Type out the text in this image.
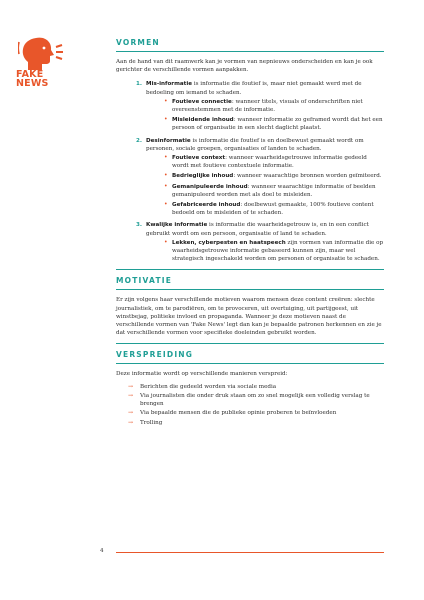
FAKE NEWS
VORMEN

Aan de hand van dit raamwerk kan je vormen van nepnieuws onderscheiden en kan je ook gerichter de verschillende vormen aanpakken.

1. Mis-informatie is informatie die foutief is, maar niet gemaakt werd met de bedoeling om iemand te schaden.
• Foutieve connectie: wanneer titels, visuals of onderschriften niet overeenstemmen met de informatie.
• Misleidende inhoud: wanneer informatie zo geframed wordt dat het een persoon of organisatie in een slecht daglicht plaatst.
2. Desinformatie is informatie die foutief is en doelbewust gemaakt wordt om personen, sociale groepen, organisaties of landen te schaden.
• Foutieve context: wanneer waarheidsgetrouwe informatie gedeeld wordt met foutieve contextuele informatie.
• Bedrieglijke inhoud: wanneer waarachtige bronnen worden geïmiteerd.
• Gemanipuleerde inhoud: wanneer waarachtige informatie of beelden gemanipuleerd worden met als doel te misleiden.
• Gefabriceerde inhoud: doelbewust gemaakte, 100% foutieve content bedoeld om te misleiden of te schaden.
3. Kwalijke informatie is informatie die waarheidsgetrouw is, en in een conflict gebruikt wordt om een persoon, organisatie of land te schaden.
• Lekken, cyberpesten en haatspeech zijn vormen van informatie die op waarheidsgetrouwe informatie gebaseerd kunnen zijn, maar wel strategisch ingeschakeld worden om personen of organisatie te schaden.
MOTIVATIE

Er zijn volgens haar verschillende motieven waarom mensen deze content creëren: slechte journalistiek, om te parodiëren, om te provoceren, uit overtuiging, uit partijgeest, uit winstbejag, politieke invloed en propaganda. Wanneer je deze motieven naast de verschillende vormen van 'Fake News' legt dan kan je bepaalde patronen herkennen en zie je dat verschillende vormen voor specifieke doeleinden gebruikt worden.

VERSPREIDING

Deze informatie wordt op verschillende manieren verspreid:

→ Berichten die gedeeld worden via sociale media
→ Via journalisten die onder druk staan om zo snel mogelijk een volledig verslag te brengen
→ Via bepaalde mensen die de publieke opinie proberen te beïnvloeden
→ Trolling
4
